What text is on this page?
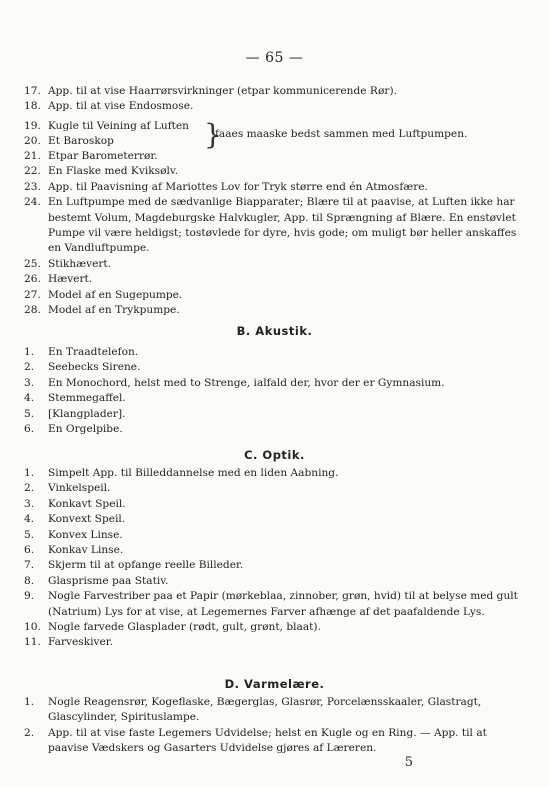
— 65 —
17. App. til at vise Haarrørsvirkninger (etpar kommunicerende Rør).
18. App. til at vise Endosmose.
19. Kugle til Veining af Luften
20. Et Baroskop	}
faaes maaske bedst sammen med Luftpumpen.
21. Etpar Barometerrør.
22. En Flaske med Kviksølv.
23. App. til Paavisning af Mariottes Lov for Tryk større end én Atmosfære.
24. En Luftpumpe med de sædvanlige Biapparater; Blære til at paavise, at Luften ikke har bestemt Volum, Magdeburgske Halvkugler, App. til Sprængning af Blære. En enstøvlet Pumpe vil være heldigst; tostøvlede for dyre, hvis gode; om muligt bør heller anskaffes en Vandluftpumpe.
25. Stikhævert.
26. Hævert.
27. Model af en Sugepumpe.
28. Model af en Trykpumpe.
B. Akustik.
1.	En Traadtelefon.
2.	Seebecks Sirene.
3.	En Monochord, helst med to Strenge, ialfald der, hvor der er Gymnasium.
4.	Stemmegaffel.
5.	[Klangplader].
6.	En Orgelpibe.
C. Optik.
1.	Simpelt App. til Billeddannelse med en liden Aabning.
2.	Vinkelspeil.
3.	Konkavt Speil.
4.	Konvext Speil.
5.	Konvex Linse.
6.	Konkav Linse.
7.	Skjerm til at opfange reelle Billeder.
8.	Glasprisme paa Stativ.
9.	Nogle Farvestriber paa et Papir (mørkeblaa, zinnober, grøn, hvid) til at belyse med gult (Natrium) Lys for at vise, at Legemernes Farver afhænge af det paafaldende Lys.
10. Nogle farvede Glasplader (rødt, gult, grønt, blaat).
11. Farveskiver.
D. Varmelære.
1.	Nogle Reagensrør, Kogeflaske, Bægerglas, Glasrør, Porcelænsskaaler, Glastragt, Glascylinder, Spirituslampe.
2.	App. til at vise faste Legemers Udvidelse; helst en Kugle og en Ring. — App. til at paavise Vædskers og Gasarters Udvidelse gjøres af Læreren.
5
